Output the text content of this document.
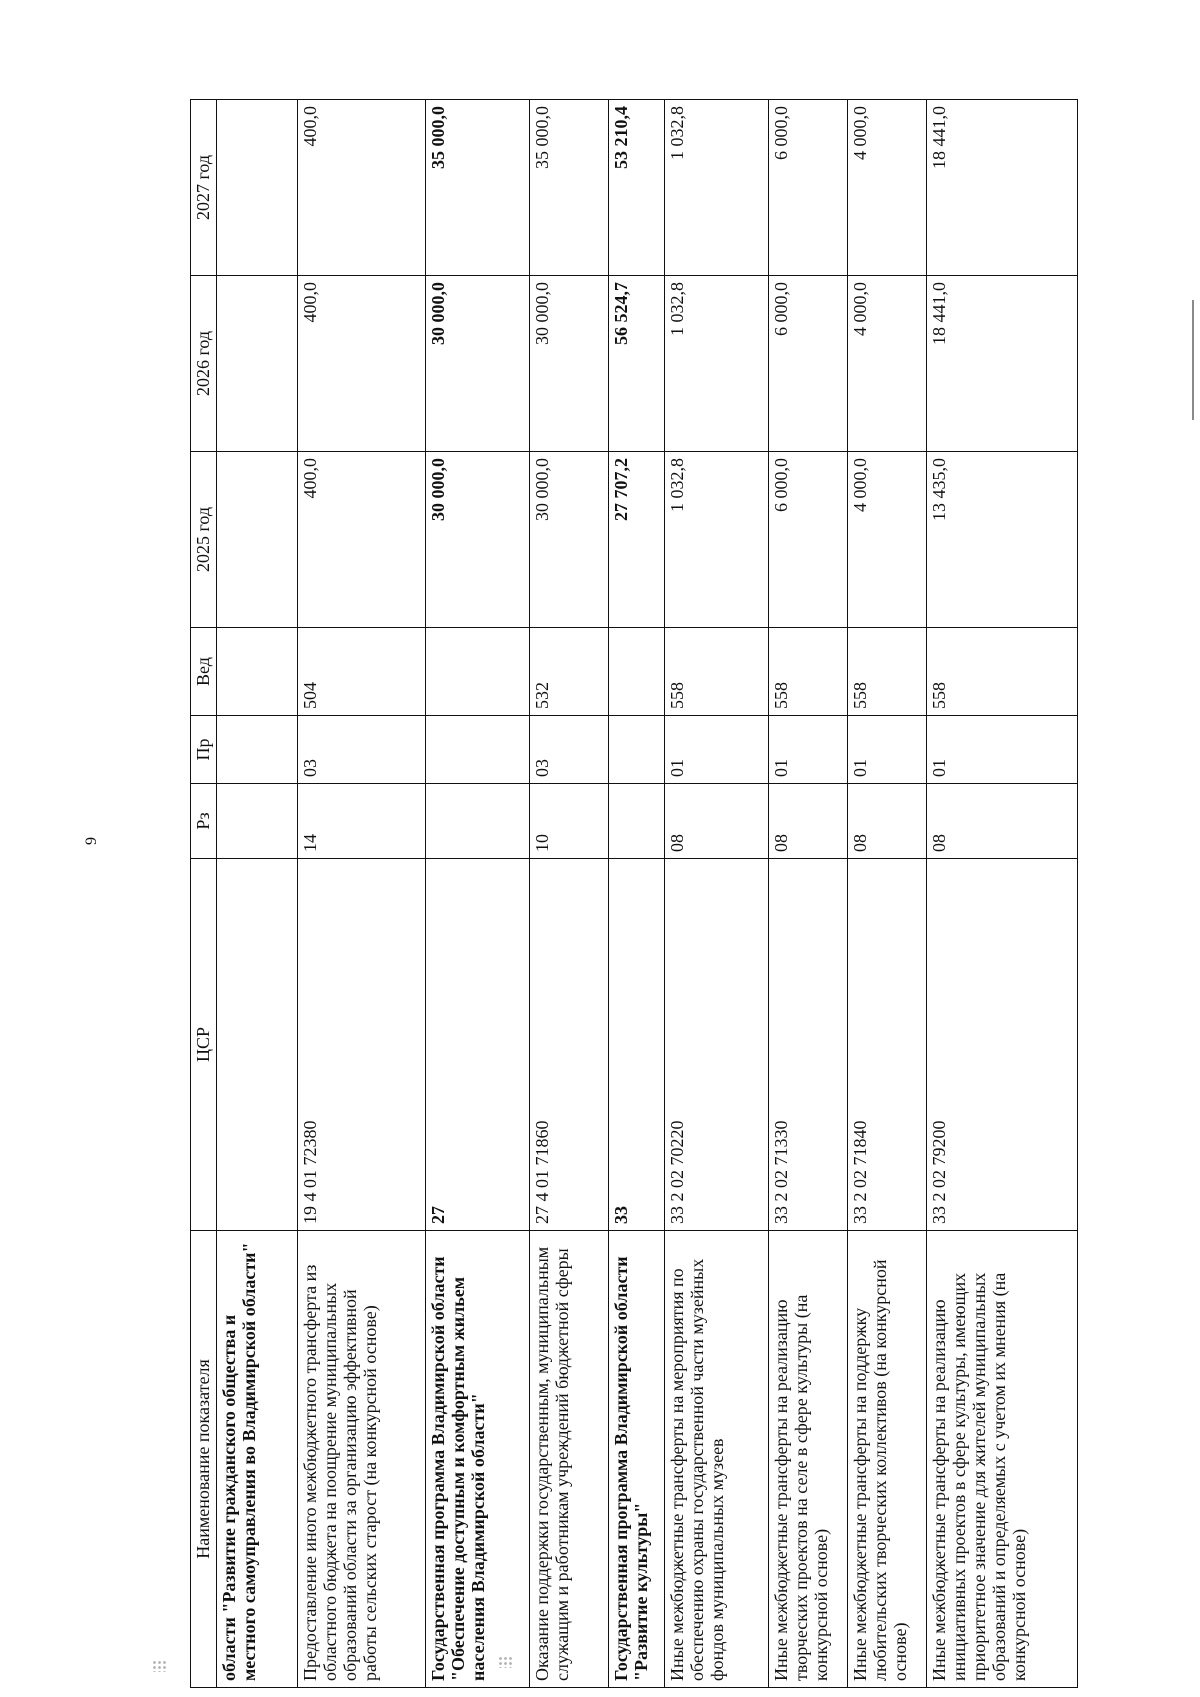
9
Наименование показателя	ЦСР	Рз	Пр	Вед	2025 год	2026 год	2027 год
области "Развитие гражданского общества и местного самоуправления во Владимирской области"							
Предоставление иного межбюджетного трансферта из областного бюджета на поощрение муниципальных образований области за организацию эффективной работы сельских старост (на конкурсной основе)	19 4 01 72380	14	03	504	400,0	400,0	400,0
Государственная программа Владимирской области "Обеспечение доступным и комфортным жильем населения Владимирской области"	27				30 000,0	30 000,0	35 000,0
Оказание поддержки государственным, муниципальным служащим и работникам учреждений бюджетной сферы	27 4 01 71860	10	03	532	30 000,0	30 000,0	35 000,0
Государственная программа Владимирской области "Развитие культуры"	33				27 707,2	56 524,7	53 210,4
Иные межбюджетные трансферты на мероприятия по обеспечению охраны государственной части музейных фондов муниципальных музеев	33 2 02 70220	08	01	558	1 032,8	1 032,8	1 032,8
Иные межбюджетные трансферты на реализацию творческих проектов на селе в сфере культуры (на конкурсной основе)	33 2 02 71330	08	01	558	6 000,0	6 000,0	6 000,0
Иные межбюджетные трансферты на поддержку любительских творческих коллективов (на конкурсной основе)	33 2 02 71840	08	01	558	4 000,0	4 000,0	4 000,0
Иные межбюджетные трансферты на реализацию инициативных проектов в сфере культуры, имеющих приоритетное значение для жителей муниципальных образований и определяемых с учетом их мнения (на конкурсной основе)	33 2 02 79200	08	01	558	13 435,0	18 441,0	18 441,0
